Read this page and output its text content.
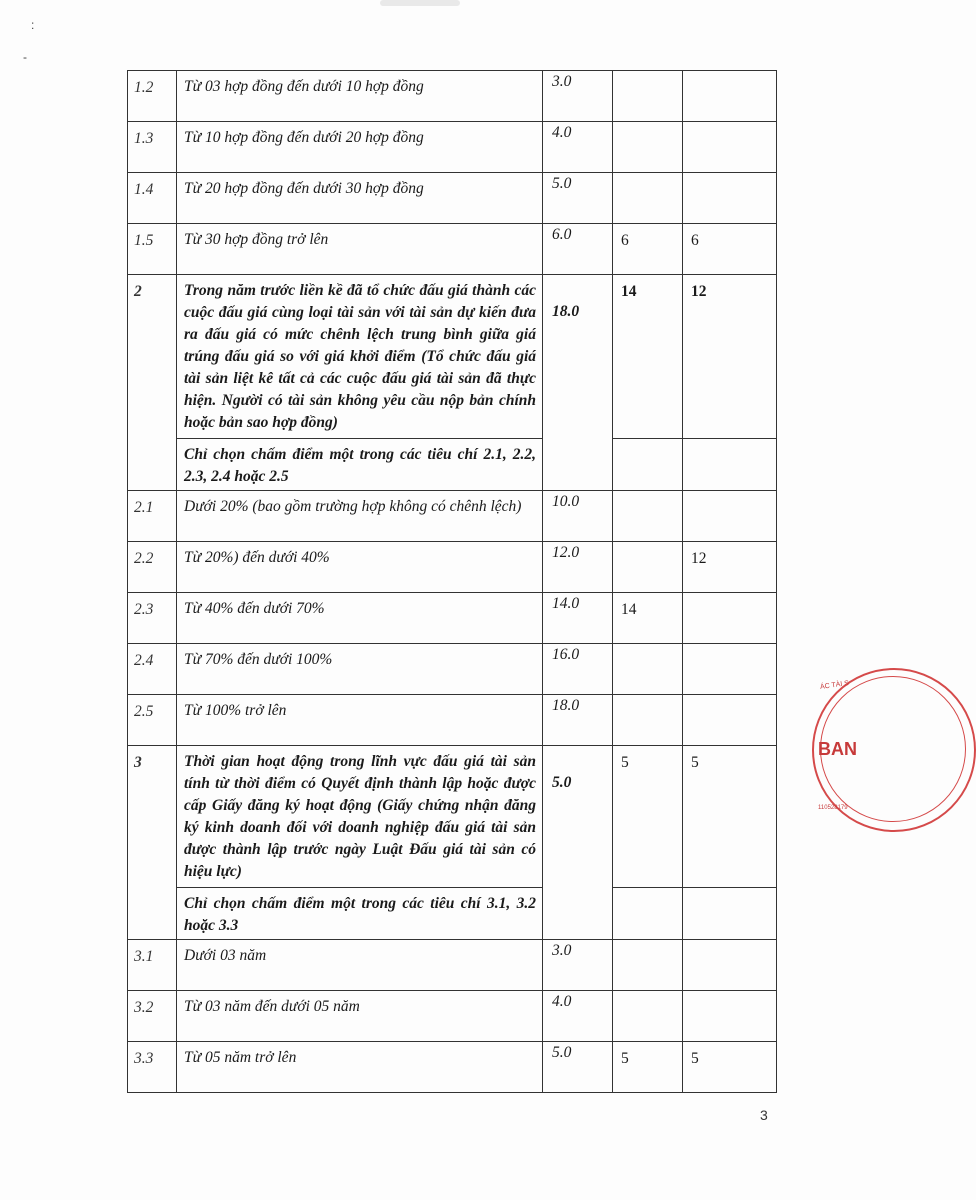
:
-
1.2	Từ 03 hợp đồng đến dưới 10 hợp đồng	3.0		

1.3	Từ 10 hợp đồng đến dưới 20 hợp đồng	4.0		

1.4	Từ 20 hợp đồng đến dưới 30 hợp đồng	5.0		

1.5	Từ 30 hợp đồng trở lên	6.0	6	6

2	Trong năm trước liền kề đã tổ chức đấu giá thành các cuộc đấu giá cùng loại tài sản với tài sản dự kiến đưa ra đấu giá có mức chênh lệch trung bình giữa giá trúng đấu giá so với giá khởi điểm (Tổ chức đấu giá tài sản liệt kê tất cả các cuộc đấu giá tài sản đã thực hiện. Người có tài sản không yêu cầu nộp bản chính hoặc bản sao hợp đồng)	18.0	14	12

	Chỉ chọn chấm điểm một trong các tiêu chí 2.1, 2.2, 2.3, 2.4 hoặc 2.5			

2.1	Dưới 20% (bao gồm trường hợp không có chênh lệch)	10.0		

2.2	Từ 20%) đến dưới 40%	12.0		12

2.3	Từ 40% đến dưới 70%	14.0	14	

2.4	Từ 70% đến dưới 100%	16.0		

2.5	Từ 100% trở lên	18.0		

3	Thời gian hoạt động trong lĩnh vực đấu giá tài sản tính từ thời điểm có Quyết định thành lập hoặc được cấp Giấy đăng ký hoạt động (Giấy chứng nhận đăng ký kinh doanh đối với doanh nghiệp đấu giá tài sản được thành lập trước ngày Luật Đấu giá tài sản có hiệu lực)	5.0	5	5

	Chỉ chọn chấm điểm một trong các tiêu chí 3.1, 3.2 hoặc 3.3			

3.1	Dưới 03 năm	3.0		

3.2	Từ 03 năm đến dưới 05 năm	4.0		

3.3	Từ 05 năm trở lên	5.0	5	5
ÁC TÀI S
BAN
110528179
3
